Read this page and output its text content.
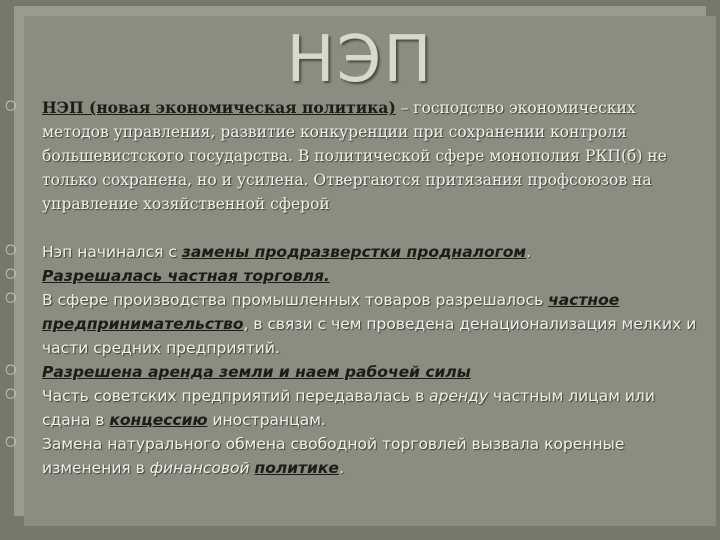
НЭП
○	НЭП (новая экономическая политика) – господство экономических методов управления, развитие конкуренции при сохранении контроля большевистского государства. В политической сфере монополия РКП(б) не только сохранена, но и усилена. Отвергаются притязания профсоюзов на управление хозяйственной сферой
○	Нэп начинался с замены продразверстки продналогом.
○	Разрешалась частная торговля.
○	В сфере производства промышленных товаров разрешалось частное предпринимательство, в связи с чем проведена денационализация мелких и части средних предприятий.
○	Разрешена аренда земли и наем рабочей силы
○	Часть советских предприятий передавалась в аренду частным лицам или сдана в концессию иностранцам.
○	Замена натурального обмена свободной торговлей вызвала коренные изменения в финансовой политике.
